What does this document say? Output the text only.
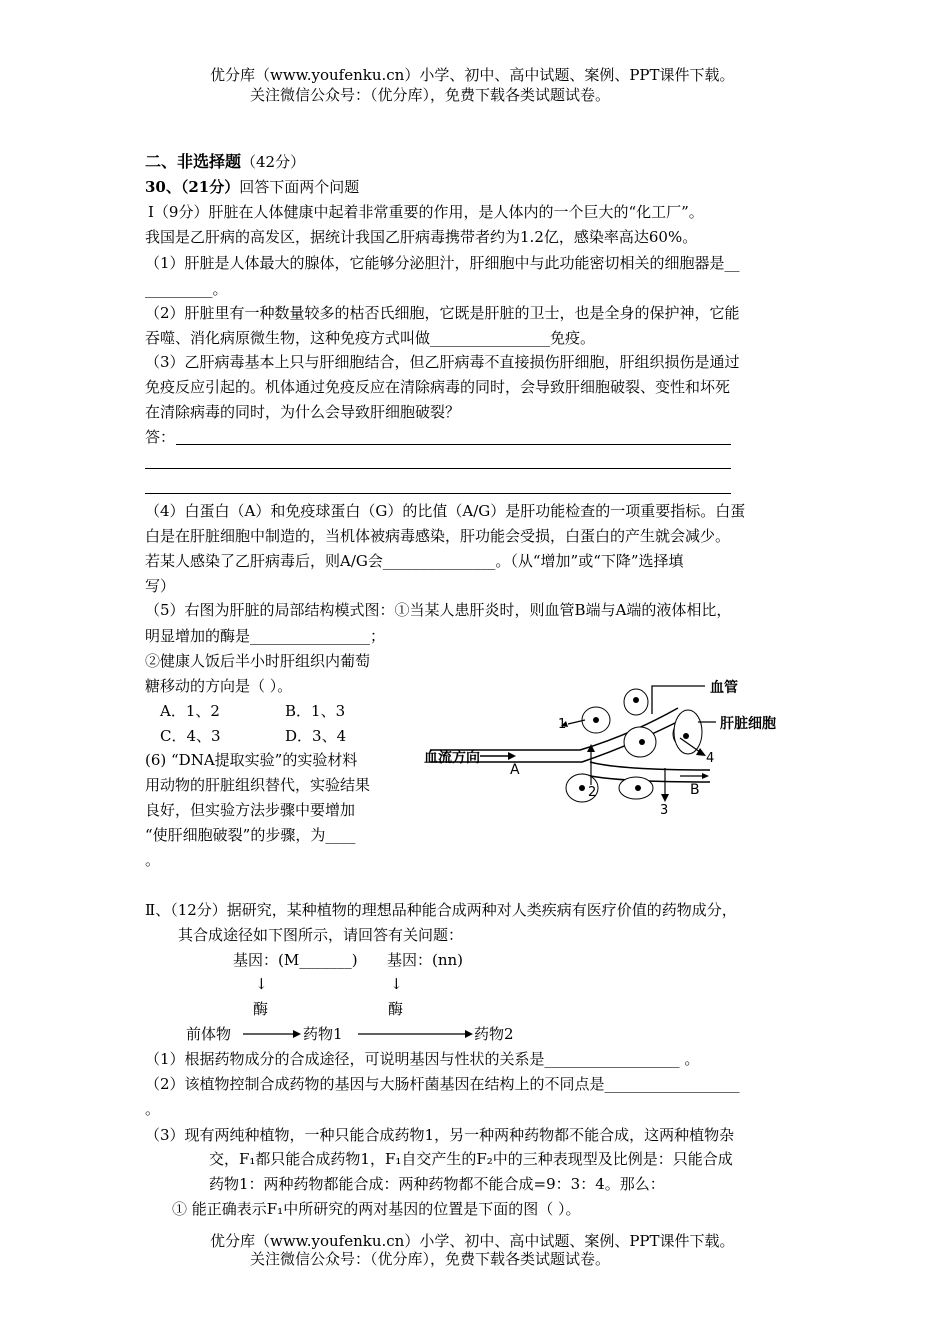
优分库（www.youfenku.cn）小学、初中、高中试题、案例、PPT课件下载。
关注微信公众号：（优分库），免费下载各类试题试卷。
二、非选择题（42分）
30、（21分）回答下面两个问题
Ⅰ（9分）肝脏在人体健康中起着非常重要的作用，是人体内的一个巨大的“化工厂”。
我国是乙肝病的高发区，据统计我国乙肝病毒携带者约为1.2亿，感染率高达60%。
（1）肝脏是人体最大的腺体，它能够分泌胆汁，肝细胞中与此功能密切相关的细胞器是__
_________。
（2）肝脏里有一种数量较多的枯否氏细胞，它既是肝脏的卫士，也是全身的保护神，它能
吞噬、消化病原微生物，这种免疫方式叫做________________免疫。
（3）乙肝病毒基本上只与肝细胞结合，但乙肝病毒不直接损伤肝细胞，肝组织损伤是通过
免疫反应引起的。机体通过免疫反应在清除病毒的同时，会导致肝细胞破裂、变性和坏死
在清除病毒的同时，为什么会导致肝细胞破裂？
答：
（4）白蛋白（A）和免疫球蛋白（G）的比值（A/G）是肝功能检查的一项重要指标。白蛋
白是在肝脏细胞中制造的，当机体被病毒感染，肝功能会受损，白蛋白的产生就会减少。
若某人感染了乙肝病毒后，则A/G会_______________。（从“增加”或“下降”选择填
写）
（5）右图为肝脏的局部结构模式图：①当某人患肝炎时，则血管B端与A端的液体相比，
明显增加的酶是________________；
②健康人饭后半小时肝组织内葡萄
糖移动的方向是（ ）。
A．1、2	B．1、3
C．4、3	D．3、4
(6) “DNA提取实验”的实验材料
用动物的肝脏组织替代，实验结果
良好，但实验方法步骤中要增加
“使肝细胞破裂”的步骤，为____
。
血管
肝脏细胞
血流方向
A
B
1
2
3
4
Ⅱ、（12分）据研究，某种植物的理想品种能合成两种对人类疾病有医疗价值的药物成分，
其合成途径如下图所示，请回答有关问题：
基因：(M_______) 基因：(nn)
↓	↓
酶	酶
前体物	药物1	药物2
（1）根据药物成分的合成途径，可说明基因与性状的关系是__________________ 。
（2）该植物控制合成药物的基因与大肠杆菌基因在结构上的不同点是__________________
。
（3）现有两纯种植物，一种只能合成药物1，另一种两种药物都不能合成，这两种植物杂
交，F₁都只能合成药物1，F₁自交产生的F₂中的三种表现型及比例是：只能合成
药物1：两种药物都能合成：两种药物都不能合成=9：3：4。那么：
① 能正确表示F₁中所研究的两对基因的位置是下面的图（ ）。
优分库（www.youfenku.cn）小学、初中、高中试题、案例、PPT课件下载。
关注微信公众号：（优分库），免费下载各类试题试卷。
